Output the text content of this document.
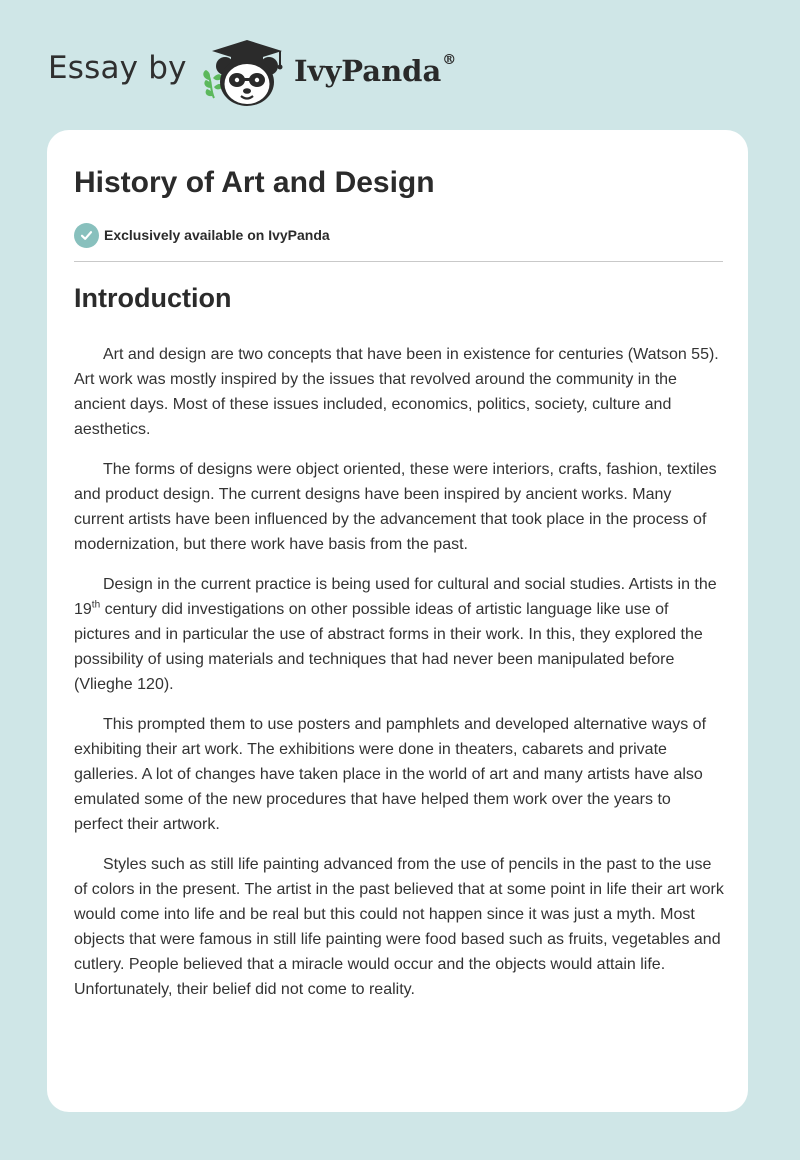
Essay by	IvyPanda®
History of Art and Design
Exclusively available on IvyPanda
Introduction

Art and design are two concepts that have been in existence for centuries (Watson 55). Art work was mostly inspired by the issues that revolved around the community in the ancient days. Most of these issues included, economics, politics, society, culture and aesthetics.

The forms of designs were object oriented, these were interiors, crafts, fashion, textiles and product design. The current designs have been inspired by ancient works. Many current artists have been influenced by the advancement that took place in the process of modernization, but there work have basis from the past.

Design in the current practice is being used for cultural and social studies. Artists in the 19th century did investigations on other possible ideas of artistic language like use of pictures and in particular the use of abstract forms in their work. In this, they explored the possibility of using materials and techniques that had never been manipulated before (Vlieghe 120).

This prompted them to use posters and pamphlets and developed alternative ways of exhibiting their art work. The exhibitions were done in theaters, cabarets and private galleries. A lot of changes have taken place in the world of art and many artists have also emulated some of the new procedures that have helped them work over the years to perfect their artwork.

Styles such as still life painting advanced from the use of pencils in the past to the use of colors in the present. The artist in the past believed that at some point in life their art work would come into life and be real but this could not happen since it was just a myth. Most objects that were famous in still life painting were food based such as fruits, vegetables and cutlery. People believed that a miracle would occur and the objects would attain life. Unfortunately, their belief did not come to reality.
